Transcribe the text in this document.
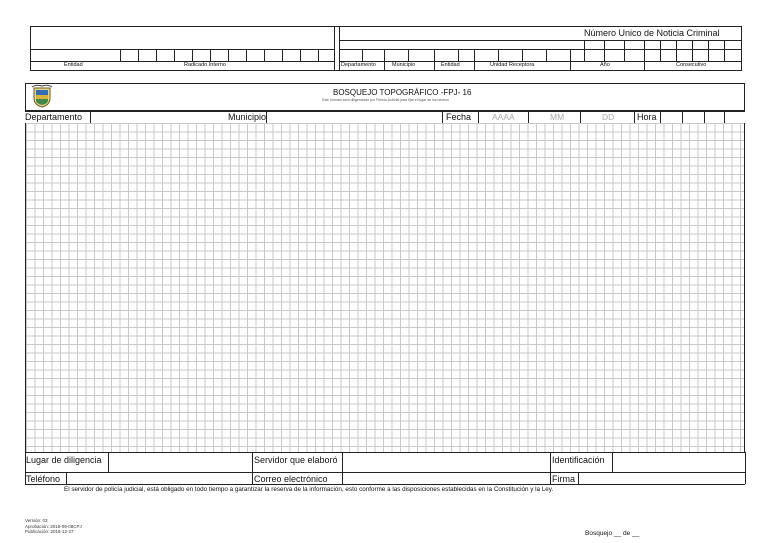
Número Unico de Noticia Criminal
Entidad	Radicado Interno	Departamento	Municipio	Entidad	Unidad Receptora	Año	Consecutivo
BOSQUEJO TOPOGRÁFICO -FPJ- 16
Este formato será diligenciado por Policía Judicial para fijar el lugar de los hechos
Departamento	Municipio	Fecha AAAA	MM	DD	Hora
Lugar de diligencia	Servidor que elaboró	Identificación
Teléfono	Correo electrónico	Firma
El servidor de policía judicial, está obligado en todo tiempo a garantizar la reserva de la información, esto conforme a las disposiciones establecidas en la Constitución y la Ley.
Versión: 03
Aprobación: 2018-09-08CPJ
Publicación: 2018-12-27	Bosquejo __ de __
